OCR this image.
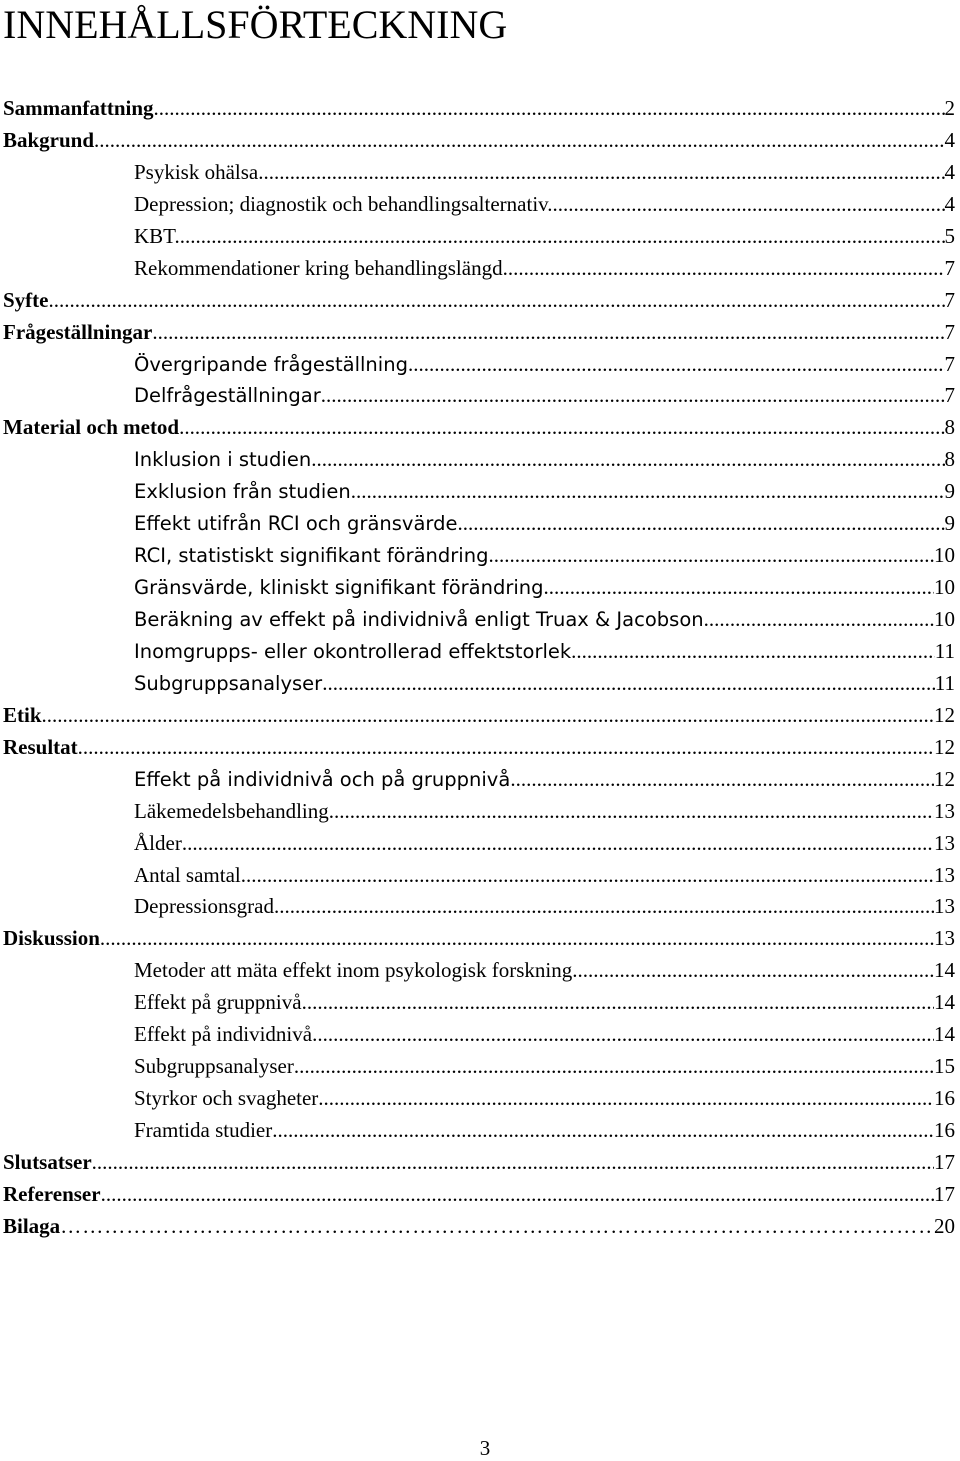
INNEHÅLLSFÖRTECKNING
Sammanfattning .....	2
Bakgrund .....	4
Psykisk ohälsa. .....	4
Depression; diagnostik och behandlingsalternativ. .....	4
KBT. .....	5
Rekommendationer kring behandlingslängd. .....	7
Syfte .....	7
Frågeställningar .....	7
Övergripande frågeställning .....	7
Delfrågeställningar .....	7
Material och metod .....	8
Inklusion i studien .....	8
Exklusion från studien .....	9
Effekt utifrån RCI och gränsvärde .....	9
RCI, statistiskt signifikant förändring .....	10
Gränsvärde, kliniskt signifikant förändring .....	10
Beräkning av effekt på individnivå enligt Truax & Jacobson .....	10
Inomgrupps- eller okontrollerad effektstorlek .....	11
Subgruppsanalyser .....	11
Etik .....	12
Resultat .....	12
Effekt på individnivå och på gruppnivå .....	12
Läkemedelsbehandling .....	13
Ålder .....	13
Antal samtal .....	13
Depressionsgrad .....	13
Diskussion .....	13
Metoder att mäta effekt inom psykologisk forskning .....	14
Effekt på gruppnivå .....	14
Effekt på individnivå .....	14
Subgruppsanalyser .....	15
Styrkor och svagheter .....	16
Framtida studier .....	16
Slutsatser .....	17
Referenser .....	17
Bilaga …………………………………………………………………………………………………………………………………………………………………………………………	20
3
